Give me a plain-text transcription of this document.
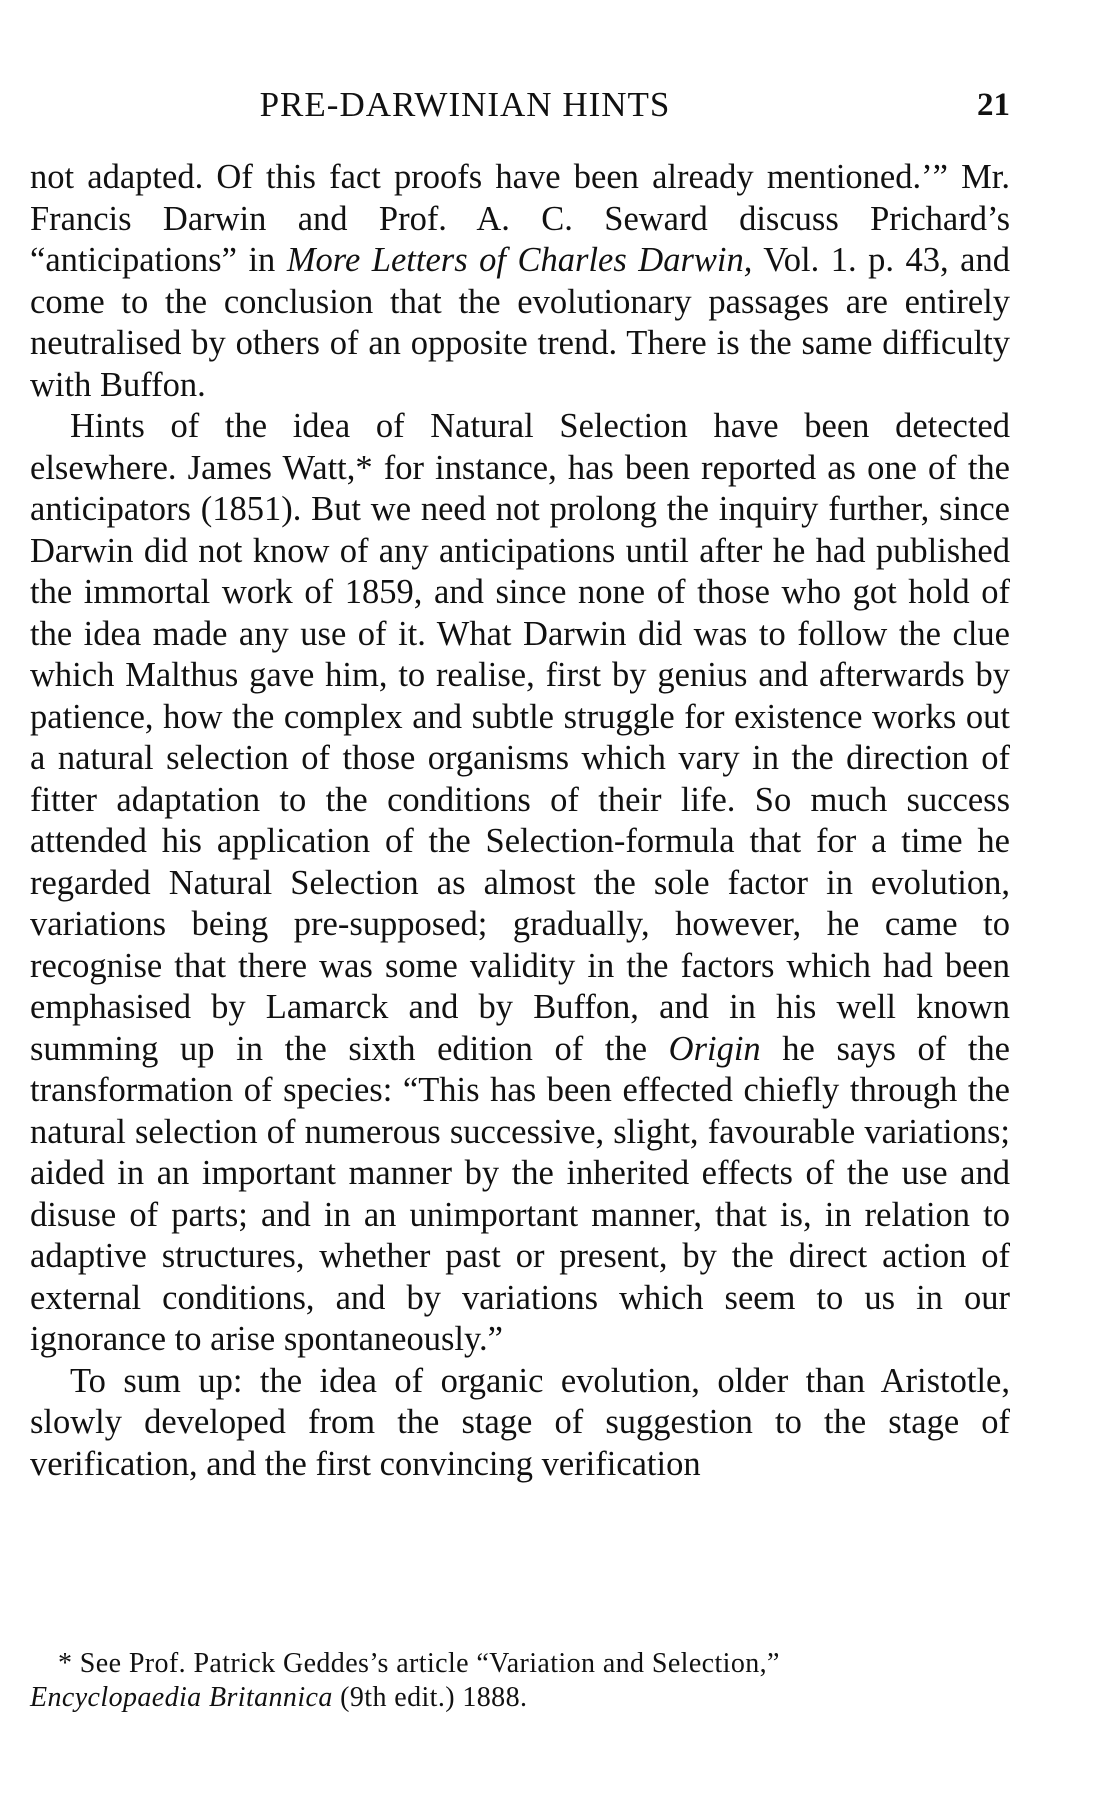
PRE-DARWINIAN HINTS	21

not adapted. Of this fact proofs have been already mentioned.’” Mr. Francis Darwin and Prof. A. C. Seward discuss Prichard’s “anticipations” in More Letters of Charles Darwin, Vol. 1. p. 43, and come to the conclusion that the evolutionary passages are entirely neutralised by others of an opposite trend. There is the same difficulty with Buffon.

Hints of the idea of Natural Selection have been detected elsewhere. James Watt,* for instance, has been reported as one of the anticipators (1851). But we need not prolong the inquiry further, since Darwin did not know of any anticipations until after he had published the immortal work of 1859, and since none of those who got hold of the idea made any use of it. What Darwin did was to follow the clue which Malthus gave him, to realise, first by genius and afterwards by patience, how the complex and subtle struggle for existence works out a natural selection of those organisms which vary in the direction of fitter adaptation to the conditions of their life. So much success attended his application of the Selection-formula that for a time he regarded Natural Selection as almost the sole factor in evolution, variations being pre-supposed; gradually, however, he came to recognise that there was some validity in the factors which had been emphasised by Lamarck and by Buffon, and in his well known summing up in the sixth edition of the Origin he says of the transformation of species: “This has been effected chiefly through the natural selection of numerous successive, slight, favourable variations; aided in an important manner by the inherited effects of the use and disuse of parts; and in an unimportant manner, that is, in relation to adaptive structures, whether past or present, by the direct action of external conditions, and by variations which seem to us in our ignorance to arise spontaneously.”

To sum up: the idea of organic evolution, older than Aristotle, slowly developed from the stage of suggestion to the stage of verification, and the first convincing verification

* See Prof. Patrick Geddes’s article “Variation and Selection,”

Encyclopaedia Britannica (9th edit.) 1888.
